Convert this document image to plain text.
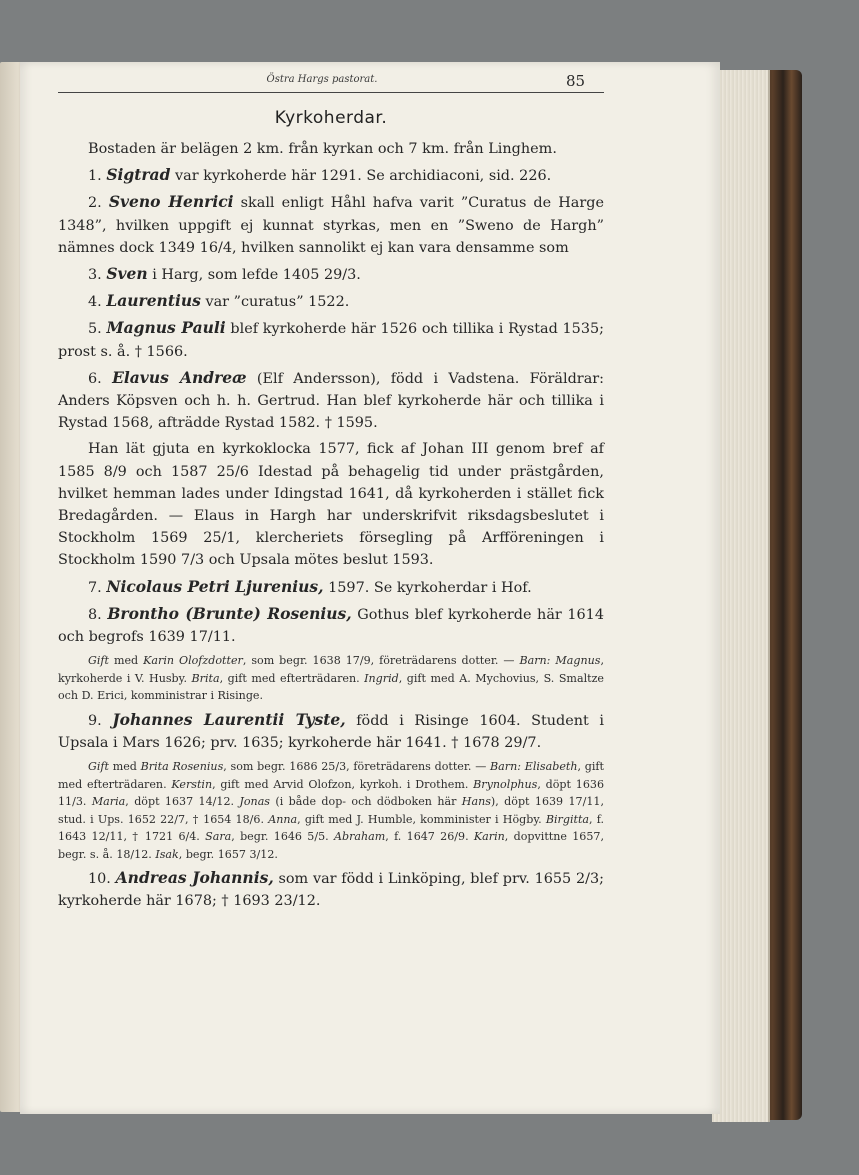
Östra Hargs pastorat.	85
Kyrkoherdar.

Bostaden är belägen 2 km. från kyrkan och 7 km. från Linghem.

1. Sigtrad var kyrkoherde här 1291. Se archidiaconi, sid. 226.

2. Sveno Henrici skall enligt Håhl hafva varit ”Curatus de Harge 1348”, hvilken uppgift ej kunnat styrkas, men en ”Sweno de Hargh” nämnes dock 1349 16/4, hvilken sannolikt ej kan vara densamme som

3. Sven i Harg, som lefde 1405 29/3.

4. Laurentius var ”curatus” 1522.

5. Magnus Pauli blef kyrkoherde här 1526 och tillika i Rystad 1535; prost s. å. † 1566.

6. Elavus Andreæ (Elf Andersson), född i Vadstena. Föräldrar: Anders Köpsven och h. h. Gertrud. Han blef kyrkoherde här och tillika i Rystad 1568, afträdde Rystad 1582. † 1595.

Han lät gjuta en kyrkoklocka 1577, fick af Johan III genom bref af 1585 8/9 och 1587 25/6 Idestad på behagelig tid under prästgården, hvilket hemman lades under Idingstad 1641, då kyrkoherden i stället fick Bredagården. — Elaus in Hargh har underskrifvit riksdagsbeslutet i Stockholm 1569 25/1, klercheriets försegling på Arfföreningen i Stockholm 1590 7/3 och Upsala mötes beslut 1593.

7. Nicolaus Petri Ljurenius, 1597. Se kyrkoherdar i Hof.

8. Brontho (Brunte) Rosenius, Gothus blef kyrkoherde här 1614 och begrofs 1639 17/11.

Gift med Karin Olofzdotter, som begr. 1638 17/9, företrädarens dotter. — Barn: Magnus, kyrkoherde i V. Husby. Brita, gift med efterträdaren. Ingrid, gift med A. Mychovius, S. Smaltze och D. Erici, komministrar i Risinge.

9. Johannes Laurentii Tyste, född i Risinge 1604. Student i Upsala i Mars 1626; prv. 1635; kyrkoherde här 1641. † 1678 29/7.

Gift med Brita Rosenius, som begr. 1686 25/3, företrädarens dotter. — Barn: Elisabeth, gift med efterträdaren. Kerstin, gift med Arvid Olofzon, kyrkoh. i Drothem. Brynolphus, döpt 1636 11/3. Maria, döpt 1637 14/12. Jonas (i både dop- och dödboken här Hans), döpt 1639 17/11, stud. i Ups. 1652 22/7, † 1654 18/6. Anna, gift med J. Humble, komminister i Högby. Birgitta, f. 1643 12/11, † 1721 6/4. Sara, begr. 1646 5/5. Abraham, f. 1647 26/9. Karin, dopvittne 1657, begr. s. å. 18/12. Isak, begr. 1657 3/12.

10. Andreas Johannis, som var född i Linköping, blef prv. 1655 2/3; kyrkoherde här 1678; † 1693 23/12.
